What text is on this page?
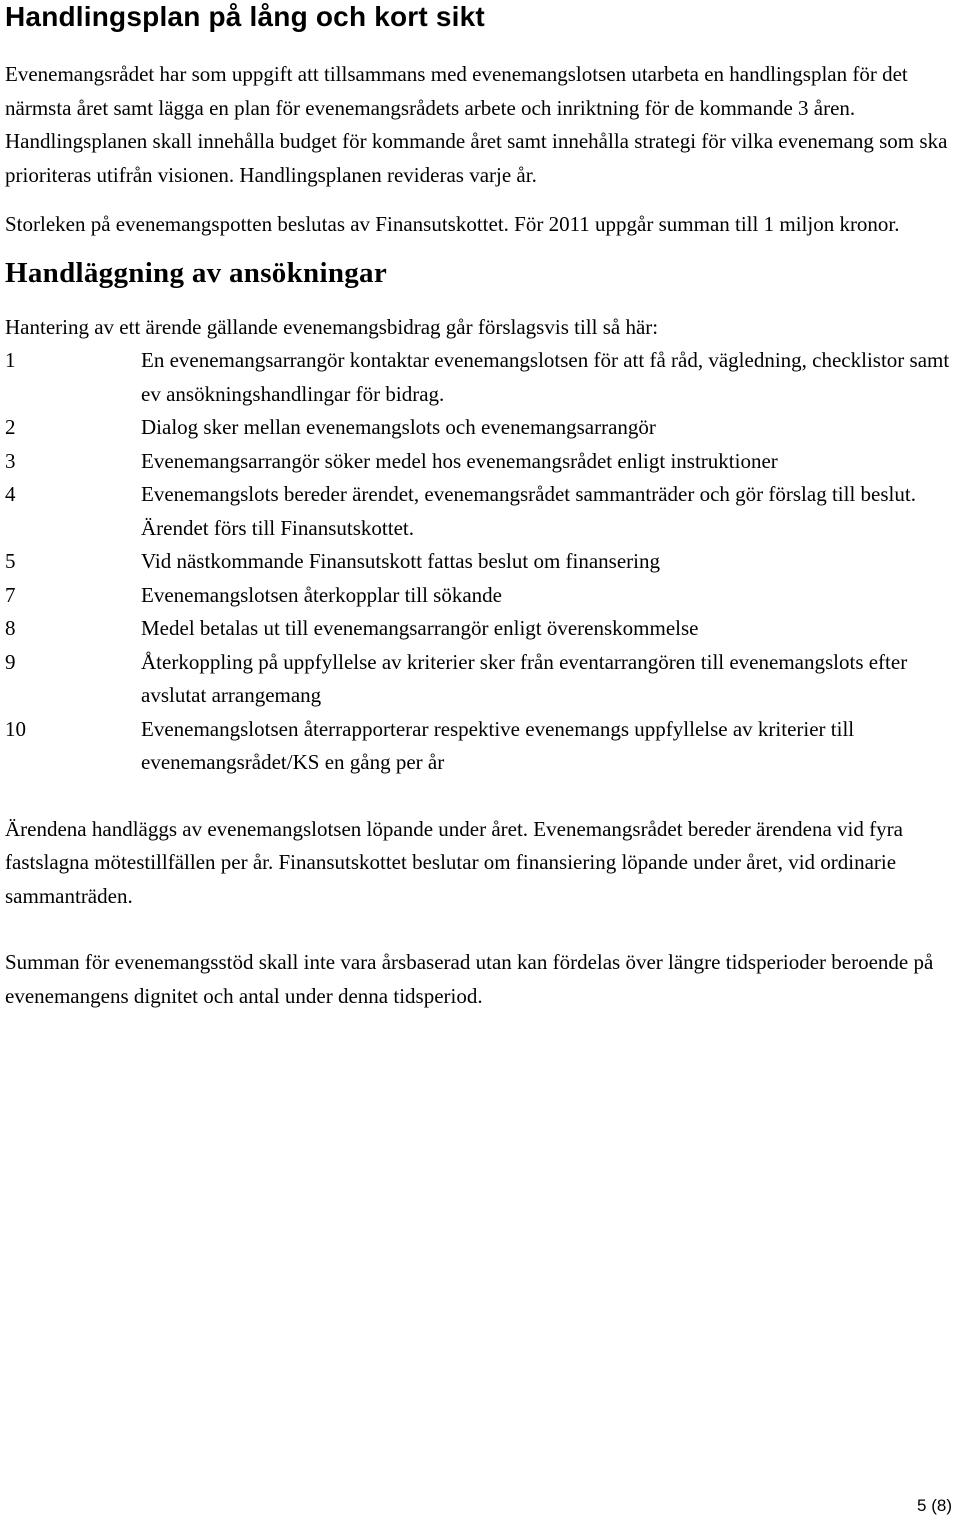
Handlingsplan på lång och kort sikt

Evenemangsrådet har som uppgift att tillsammans med evenemangslotsen utarbeta en handlingsplan för det närmsta året samt lägga en plan för evenemangsrådets arbete och inriktning för de kommande 3 åren. Handlingsplanen skall innehålla budget för kommande året samt innehålla strategi för vilka evenemang som ska prioriteras utifrån visionen. Handlingsplanen revideras varje år.

Storleken på evenemangspotten beslutas av Finansutskottet. För 2011 uppgår summan till 1 miljon kronor.

Handläggning av ansökningar

Hantering av ett ärende gällande evenemangsbidrag går förslagsvis till så här:

1	En evenemangsarrangör kontaktar evenemangslotsen för att få råd, vägledning, checklistor samt ev ansökningshandlingar för bidrag.
2	Dialog sker mellan evenemangslots och evenemangsarrangör
3	Evenemangsarrangör söker medel hos evenemangsrådet enligt instruktioner
4	Evenemangslots bereder ärendet, evenemangsrådet sammanträder och gör förslag till beslut. Ärendet förs till Finansutskottet.
5	Vid nästkommande Finansutskott fattas beslut om finansering
7	Evenemangslotsen återkopplar till sökande
8	Medel betalas ut till evenemangsarrangör enligt överenskommelse
9	Återkoppling på uppfyllelse av kriterier sker från eventarrangören till evenemangslots efter avslutat arrangemang
10	Evenemangslotsen återrapporterar respektive evenemangs uppfyllelse av kriterier till evenemangsrådet/KS en gång per år

Ärendena handläggs av evenemangslotsen löpande under året. Evenemangsrådet bereder ärendena vid fyra fastslagna mötestillfällen per år. Finansutskottet beslutar om finansiering löpande under året, vid ordinarie sammanträden.

Summan för evenemangsstöd skall inte vara årsbaserad utan kan fördelas över längre tidsperioder beroende på evenemangens dignitet och antal under denna tidsperiod.

5 (8)
